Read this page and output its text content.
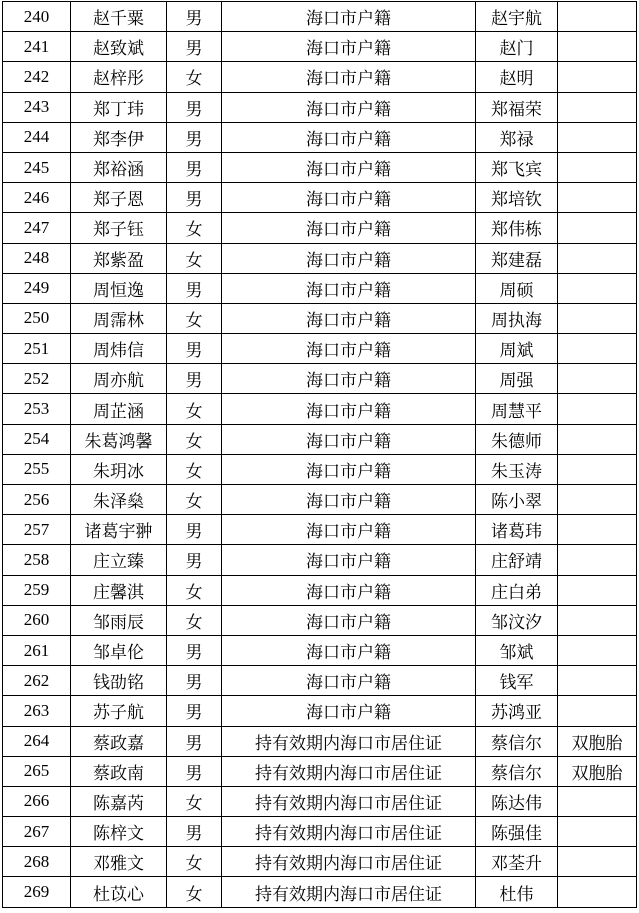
240	赵千粟	男	海口市户籍	赵宇航	
241	赵致斌	男	海口市户籍	赵门	
242	赵梓彤	女	海口市户籍	赵明	
243	郑丁玮	男	海口市户籍	郑福荣	
244	郑李伊	男	海口市户籍	郑禄	
245	郑裕涵	男	海口市户籍	郑飞宾	
246	郑子恩	男	海口市户籍	郑培钦	
247	郑子钰	女	海口市户籍	郑伟栋	
248	郑紫盈	女	海口市户籍	郑建磊	
249	周恒逸	男	海口市户籍	周硕	
250	周霈林	女	海口市户籍	周执海	
251	周炜信	男	海口市户籍	周斌	
252	周亦航	男	海口市户籍	周强	
253	周芷涵	女	海口市户籍	周慧平	
254	朱葛鸿馨	女	海口市户籍	朱德师	
255	朱玥冰	女	海口市户籍	朱玉涛	
256	朱泽燊	女	海口市户籍	陈小翠	
257	诸葛宇翀	男	海口市户籍	诸葛玮	
258	庄立臻	男	海口市户籍	庄舒靖	
259	庄馨淇	女	海口市户籍	庄白弟	
260	邹雨辰	女	海口市户籍	邹汶汐	
261	邹卓伦	男	海口市户籍	邹斌	
262	钱劭铭	男	海口市户籍	钱军	
263	苏子航	男	海口市户籍	苏鸿亚	
264	蔡政嘉	男	持有效期内海口市居住证	蔡信尔	双胞胎
265	蔡政南	男	持有效期内海口市居住证	蔡信尔	双胞胎
266	陈嘉芮	女	持有效期内海口市居住证	陈达伟	
267	陈梓文	男	持有效期内海口市居住证	陈强佳	
268	邓雅文	女	持有效期内海口市居住证	邓荃升	
269	杜苡心	女	持有效期内海口市居住证	杜伟	
